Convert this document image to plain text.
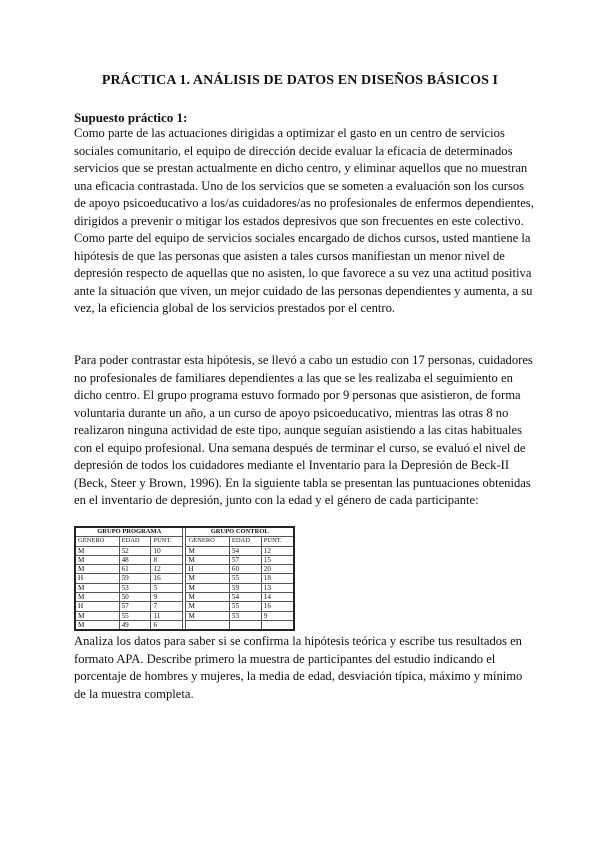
PRÁCTICA 1. ANÁLISIS DE DATOS EN DISEÑOS BÁSICOS I
Supuesto práctico 1:
Como parte de las actuaciones dirigidas a optimizar el gasto en un centro de servicios sociales comunitario, el equipo de dirección decide evaluar la eficacia de determinados servicios que se prestan actualmente en dicho centro, y eliminar aquellos que no muestran una eficacia contrastada. Uno de los servicios que se someten a evaluación son los cursos de apoyo psicoeducativo a los/as cuidadores/as no profesionales de enfermos dependientes, dirigidos a prevenir o mitigar los estados depresivos que son frecuentes en este colectivo. Como parte del equipo de servicios sociales encargado de dichos cursos, usted mantiene la hipótesis de que las personas que asisten a tales cursos manifiestan un menor nivel de depresión respecto de aquellas que no asisten, lo que favorece a su vez una actitud positiva ante la situación que viven, un mejor cuidado de las personas dependientes y aumenta, a su vez, la eficiencia global de los servicios prestados por el centro.
Para poder contrastar esta hipótesis, se llevó a cabo un estudio con 17 personas, cuidadores no profesionales de familiares dependientes a las que se les realizaba el seguimiento en dicho centro. El grupo programa estuvo formado por 9 personas que asistieron, de forma voluntaria durante un año, a un curso de apoyo psicoeducativo, mientras las otras 8 no realizaron ninguna actividad de este tipo, aunque seguían asistiendo a las citas habituales con el equipo profesional. Una semana después de terminar el curso, se evaluó el nivel de depresión de todos los cuidadores mediante el Inventario para la Depresión de Beck-II (Beck, Steer y Brown, 1996). En la siguiente tabla se presentan las puntuaciones obtenidas en el inventario de depresión, junto con la edad y el género de cada participante:
GRUPO PROGRAMA				GRUPO CONTROL		
GÉNERO	EDAD	PUNT.		GÉNERO	EDAD	PUNT.
M	52	10		M	54	12
M	48	8		M	57	15
M	61	12		H	60	20
H	59	16		M	55	18
M	53	5		M	59	13
M	50	9		M	54	14
H	57	7		M	55	16
M	55	11		M	53	9
M	49	6				
Analiza los datos para saber si se confirma la hipótesis teórica y escribe tus resultados en formato APA. Describe primero la muestra de participantes del estudio indicando el porcentaje de hombres y mujeres, la media de edad, desviación típica, máximo y mínimo de la muestra completa.
